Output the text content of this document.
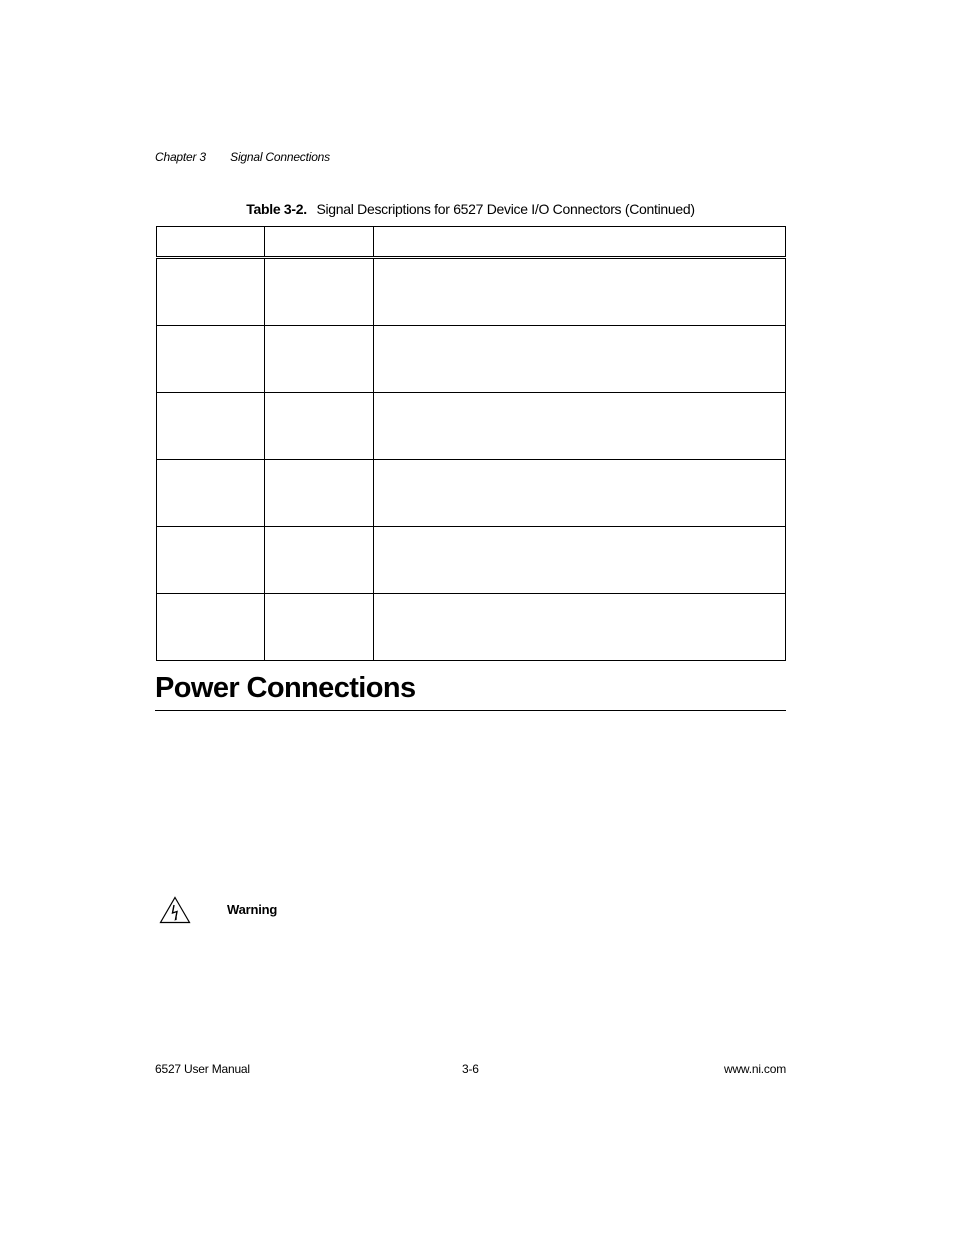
Chapter 3 Signal Connections
Table 3-2. Signal Descriptions for 6527 Device I/O Connectors (Continued)

Power Connections
Warning
6527 User Manual	3-6	www.ni.com
